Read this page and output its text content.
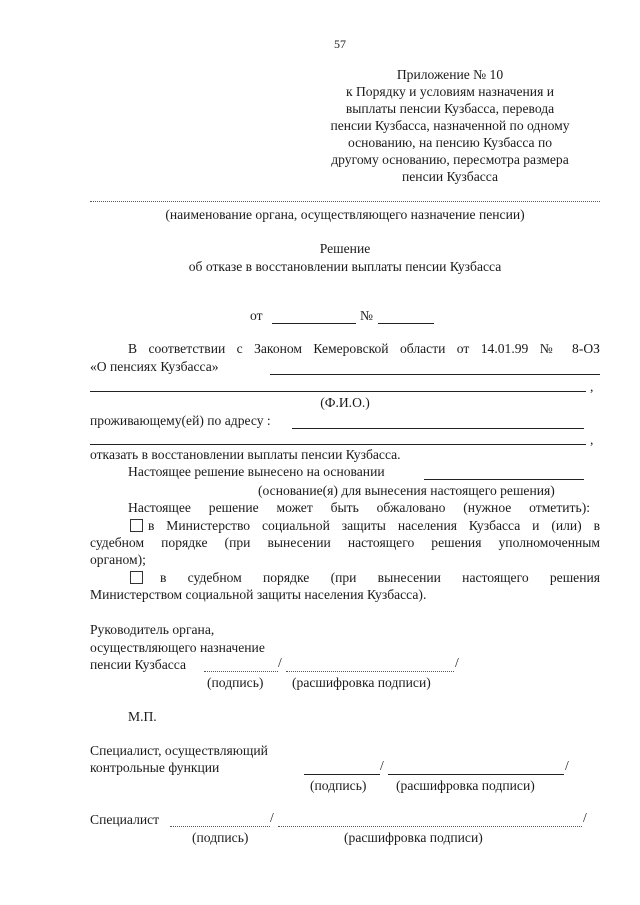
57
Приложение № 10
к Порядку и условиям назначения и
выплаты пенсии Кузбасса, перевода
пенсии Кузбасса, назначенной по одному
основанию, на пенсию Кузбасса по
другому основанию, пересмотра размера
пенсии Кузбасса
(наименование органа, осуществляющего назначение пенсии)
Решение
об отказе в восстановлении выплаты пенсии Кузбасса
от	№
В соответствии с Законом Кемеровской области от 14.01.99 № 8-ОЗ
«О пенсиях Кузбасса»
,
(Ф.И.О.)
проживающему(ей) по адресу :
,
отказать в восстановлении выплаты пенсии Кузбасса.
Настоящее решение вынесено на основании
(основание(я) для вынесения настоящего решения)
Настоящее решение может быть обжаловано (нужное отметить):
в Министерство социальной защиты населения Кузбасса и (или) в
судебном порядке (при вынесении настоящего решения уполномоченным
органом);
в судебном порядке (при вынесении настоящего решения
Министерством социальной защиты населения Кузбасса).
Руководитель органа,
осуществляющего назначение
пенсии Кузбасса	/	/
(подпись) (расшифровка подписи)
М.П.
Специалист, осуществляющий
контрольные функции	/	/
(подпись) (расшифровка подписи)
Специалист	/	/
(подпись)	(расшифровка подписи)
